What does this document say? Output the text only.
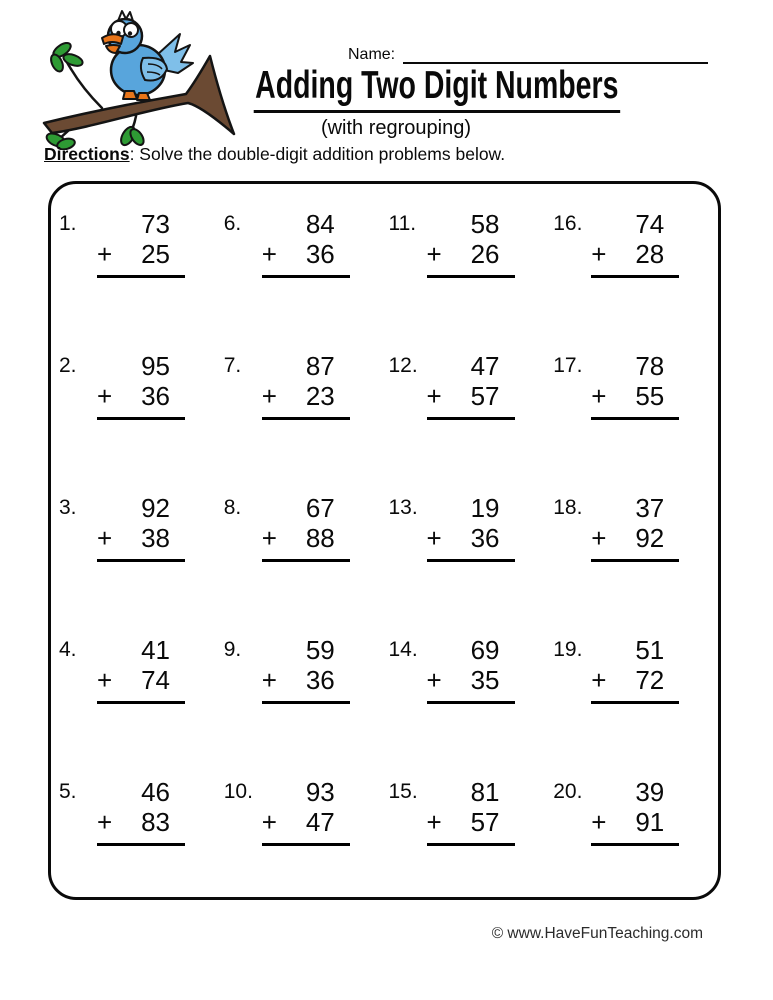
Name:
Adding Two Digit Numbers
(with regrouping)
Directions: Solve the double-digit addition problems below.
1.	73
+ 25
6.	84
+ 36
11.	58
+ 26
16.	74
+ 28
2.	95
+ 36
7.	87
+ 23
12.	47
+ 57
17.	78
+ 55
3.	92
+ 38
8.	67
+ 88
13.	19
+ 36
18.	37
+ 92
4.	41
+ 74
9.	59
+ 36
14.	69
+ 35
19.	51
+ 72
5.	46
+ 83
10.	93
+ 47
15.	81
+ 57
20.	39
+ 91
© www.HaveFunTeaching.com
